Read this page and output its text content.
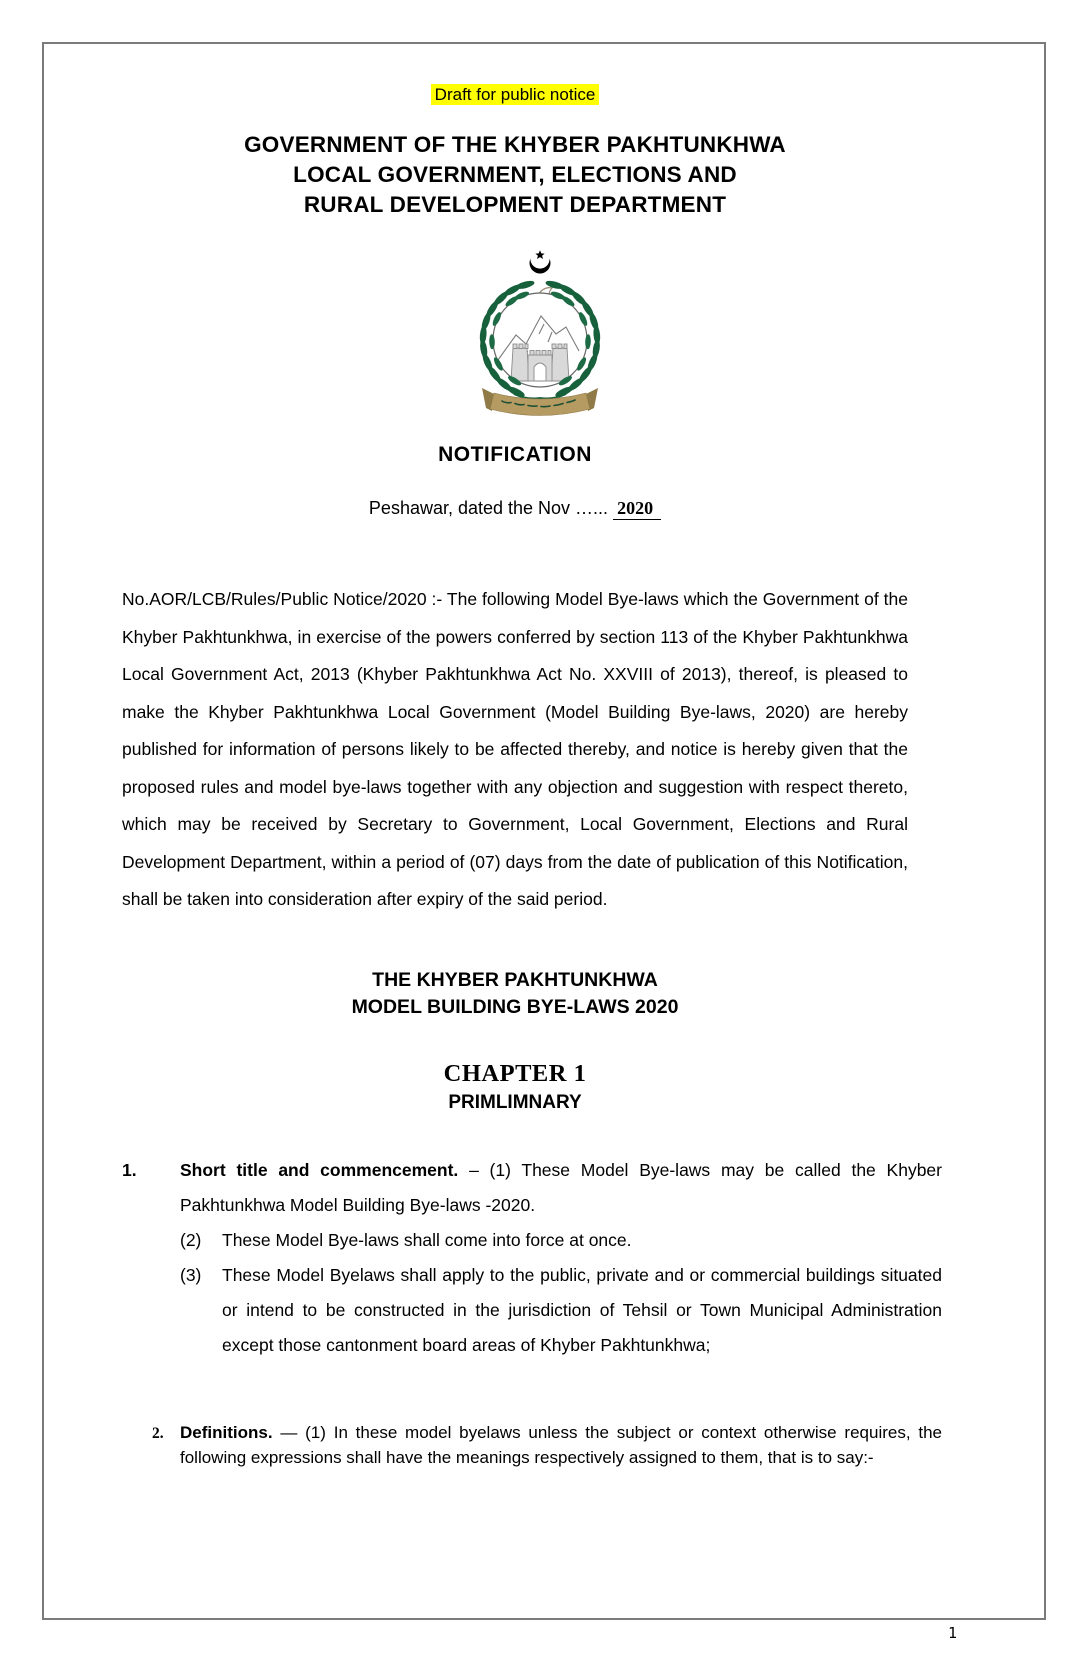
Draft for public notice
GOVERNMENT OF THE KHYBER PAKHTUNKHWA
LOCAL GOVERNMENT, ELECTIONS AND
RURAL DEVELOPMENT DEPARTMENT
NOTIFICATION
Peshawar, dated the Nov …... 2020

No.AOR/LCB/Rules/Public Notice/2020 :- The following Model Bye-laws which the Government of the Khyber Pakhtunkhwa, in exercise of the powers conferred by section 113 of the Khyber Pakhtunkhwa Local Government Act, 2013 (Khyber Pakhtunkhwa Act No. XXVIII of 2013), thereof, is pleased to make the Khyber Pakhtunkhwa Local Government (Model Building Bye-laws, 2020) are hereby published for information of persons likely to be affected thereby, and notice is hereby given that the proposed rules and model bye-laws together with any objection and suggestion with respect thereto, which may be received by Secretary to Government, Local Government, Elections and Rural Development Department, within a period of (07) days from the date of publication of this Notification, shall be taken into consideration after expiry of the said period.

THE KHYBER PAKHTUNKHWA
MODEL BUILDING BYE-LAWS 2020
CHAPTER 1
PRIMLIMNARY
1. Short title and commencement. – (1) These Model Bye-laws may be called the Khyber Pakhtunkhwa Model Building Bye-laws -2020.
(2) These Model Bye-laws shall come into force at once.
(3) These Model Byelaws shall apply to the public, private and or commercial buildings situated or intend to be constructed in the jurisdiction of Tehsil or Town Municipal Administration except those cantonment board areas of Khyber Pakhtunkhwa;
2. Definitions. — (1) In these model byelaws unless the subject or context otherwise requires, the following expressions shall have the meanings respectively assigned to them, that is to say:-
1
